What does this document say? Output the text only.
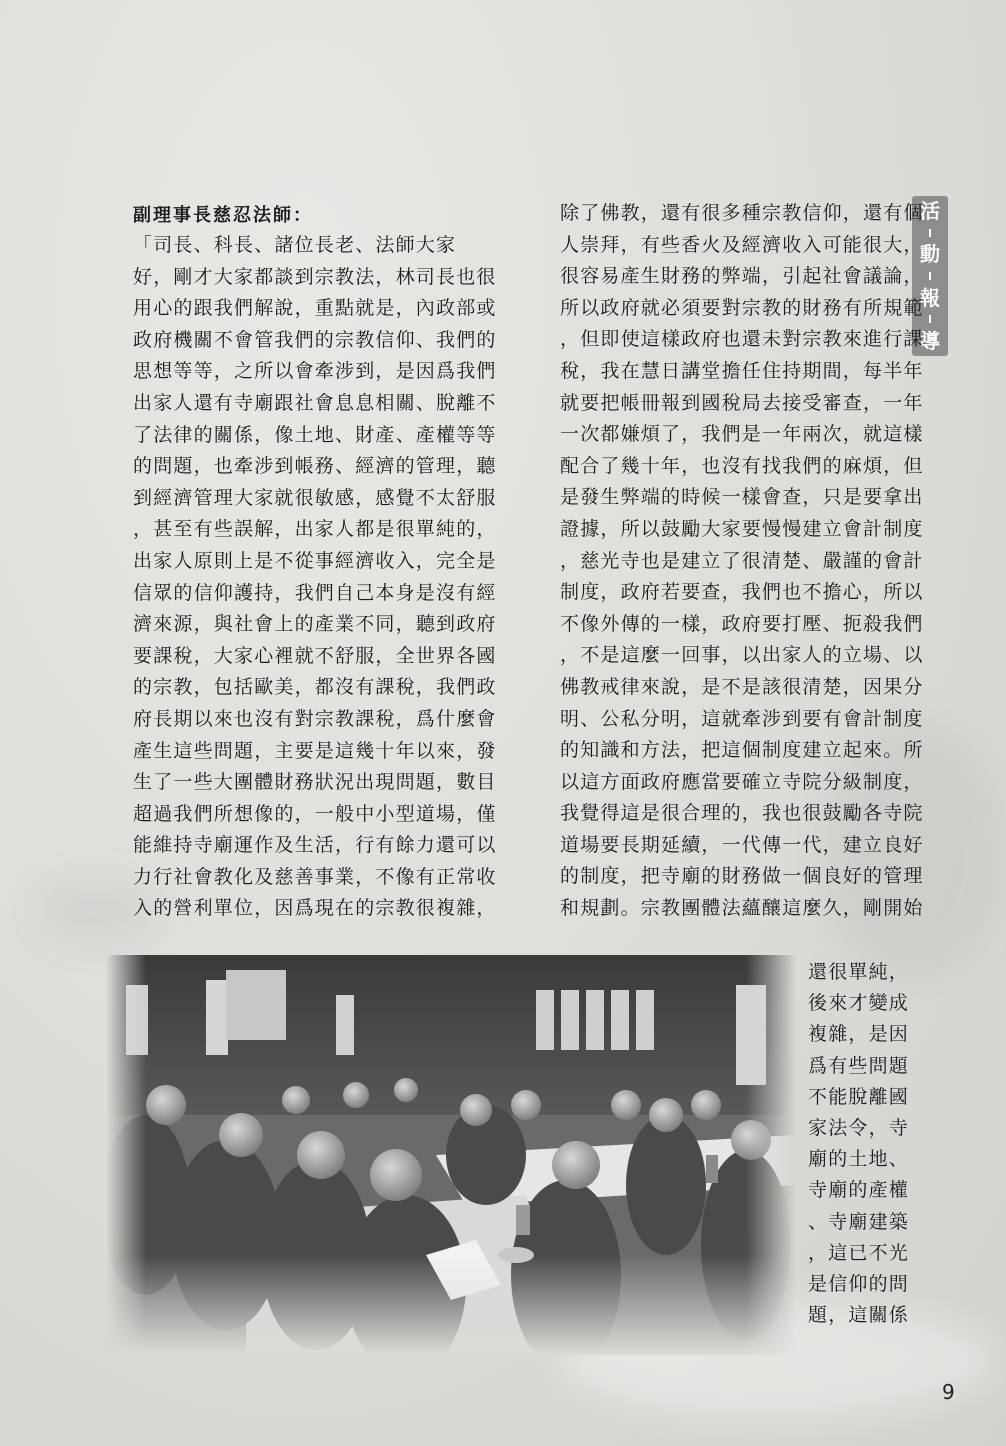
活
動
報
導
副理事長慈忍法師：
「司長、科長、諸位長老、法師大家
好，剛才大家都談到宗教法，林司長也很
用心的跟我們解說，重點就是，內政部或
政府機關不會管我們的宗教信仰、我們的
思想等等，之所以會牽涉到，是因爲我們
出家人還有寺廟跟社會息息相關、脫離不
了法律的關係，像土地、財產、產權等等
的問題，也牽涉到帳務、經濟的管理，聽
到經濟管理大家就很敏感，感覺不太舒服
，甚至有些誤解，出家人都是很單純的，
出家人原則上是不從事經濟收入，完全是
信眾的信仰護持，我們自己本身是沒有經
濟來源，與社會上的產業不同，聽到政府
要課稅，大家心裡就不舒服，全世界各國
的宗教，包括歐美，都沒有課稅，我們政
府長期以來也沒有對宗教課稅，爲什麼會
產生這些問題，主要是這幾十年以來，發
生了一些大團體財務狀況出現問題，數目
超過我們所想像的，一般中小型道場，僅
能維持寺廟運作及生活，行有餘力還可以
力行社會教化及慈善事業，不像有正常收
入的營利單位，因爲現在的宗教很複雜，
除了佛教，還有很多種宗教信仰，還有個
人崇拜，有些香火及經濟收入可能很大，
很容易產生財務的弊端，引起社會議論，
所以政府就必須要對宗教的財務有所規範
，但即使這樣政府也還未對宗教來進行課
稅，我在慧日講堂擔任住持期間，每半年
就要把帳冊報到國稅局去接受審查，一年
一次都嫌煩了，我們是一年兩次，就這樣
配合了幾十年，也沒有找我們的麻煩，但
是發生弊端的時候一樣會查，只是要拿出
證據，所以鼓勵大家要慢慢建立會計制度
，慈光寺也是建立了很清楚、嚴謹的會計
制度，政府若要查，我們也不擔心，所以
不像外傳的一樣，政府要打壓、扼殺我們
，不是這麼一回事，以出家人的立場、以
佛教戒律來說，是不是該很清楚，因果分
明、公私分明，這就牽涉到要有會計制度
的知識和方法，把這個制度建立起來。所
以這方面政府應當要確立寺院分級制度，
我覺得這是很合理的，我也很鼓勵各寺院
道場要長期延續，一代傳一代，建立良好
的制度，把寺廟的財務做一個良好的管理
和規劃。宗教團體法蘊釀這麼久，剛開始
還很單純，
後來才變成
複雜，是因
爲有些問題
不能脫離國
家法令，寺
廟的土地、
寺廟的產權
、寺廟建築
，這已不光
是信仰的問
題，這關係
9
